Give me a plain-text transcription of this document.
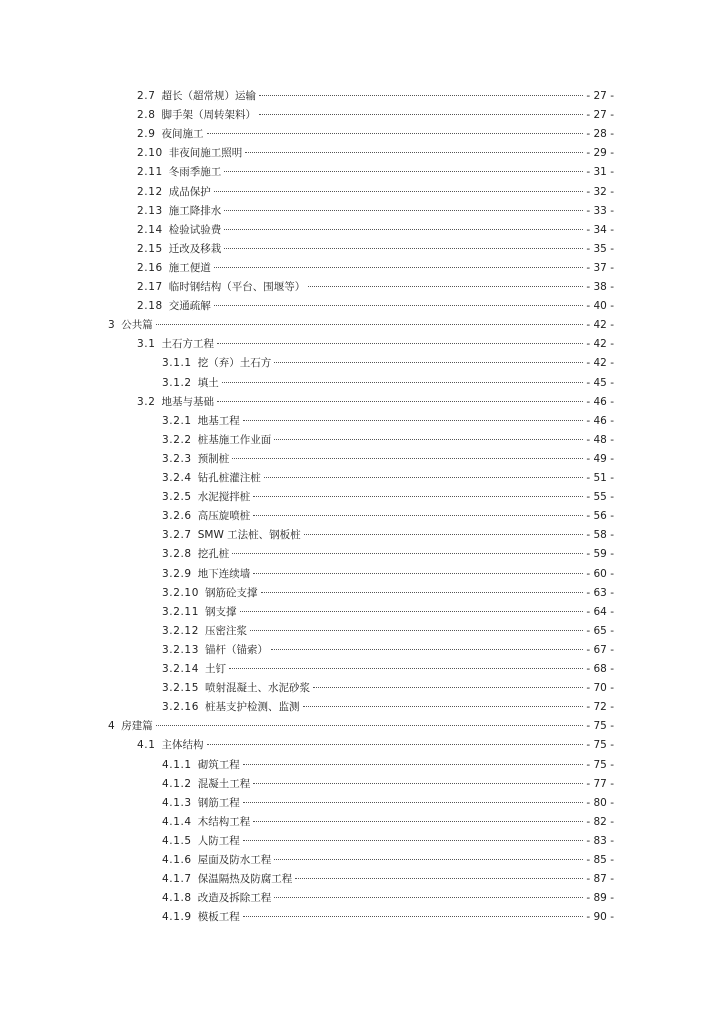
2.7 超长（超常规）运输	- 27 -
2.8 脚手架（周转架料）	- 27 -
2.9 夜间施工	- 28 -
2.10 非夜间施工照明	- 29 -
2.11 冬雨季施工	- 31 -
2.12 成品保护	- 32 -
2.13 施工降排水	- 33 -
2.14 检验试验费	- 34 -
2.15 迁改及移栽	- 35 -
2.16 施工便道	- 37 -
2.17 临时钢结构（平台、围堰等）	- 38 -
2.18 交通疏解	- 40 -
3 公共篇	- 42 -
3.1 土石方工程	- 42 -
3.1.1 挖（弃）土石方	- 42 -
3.1.2 填土	- 45 -
3.2 地基与基础	- 46 -
3.2.1 地基工程	- 46 -
3.2.2 桩基施工作业面	- 48 -
3.2.3 预制桩	- 49 -
3.2.4 钻孔桩灌注桩	- 51 -
3.2.5 水泥搅拌桩	- 55 -
3.2.6 高压旋喷桩	- 56 -
3.2.7 SMW 工法桩、钢板桩	- 58 -
3.2.8 挖孔桩	- 59 -
3.2.9 地下连续墙	- 60 -
3.2.10 钢筋砼支撑	- 63 -
3.2.11 钢支撑	- 64 -
3.2.12 压密注浆	- 65 -
3.2.13 锚杆（锚索）	- 67 -
3.2.14 土钉	- 68 -
3.2.15 喷射混凝土、水泥砂浆	- 70 -
3.2.16 桩基支护检测、监测	- 72 -
4 房建篇	- 75 -
4.1 主体结构	- 75 -
4.1.1 砌筑工程	- 75 -
4.1.2 混凝土工程	- 77 -
4.1.3 钢筋工程	- 80 -
4.1.4 木结构工程	- 82 -
4.1.5 人防工程	- 83 -
4.1.6 屋面及防水工程	- 85 -
4.1.7 保温隔热及防腐工程	- 87 -
4.1.8 改造及拆除工程	- 89 -
4.1.9 模板工程	- 90 -
